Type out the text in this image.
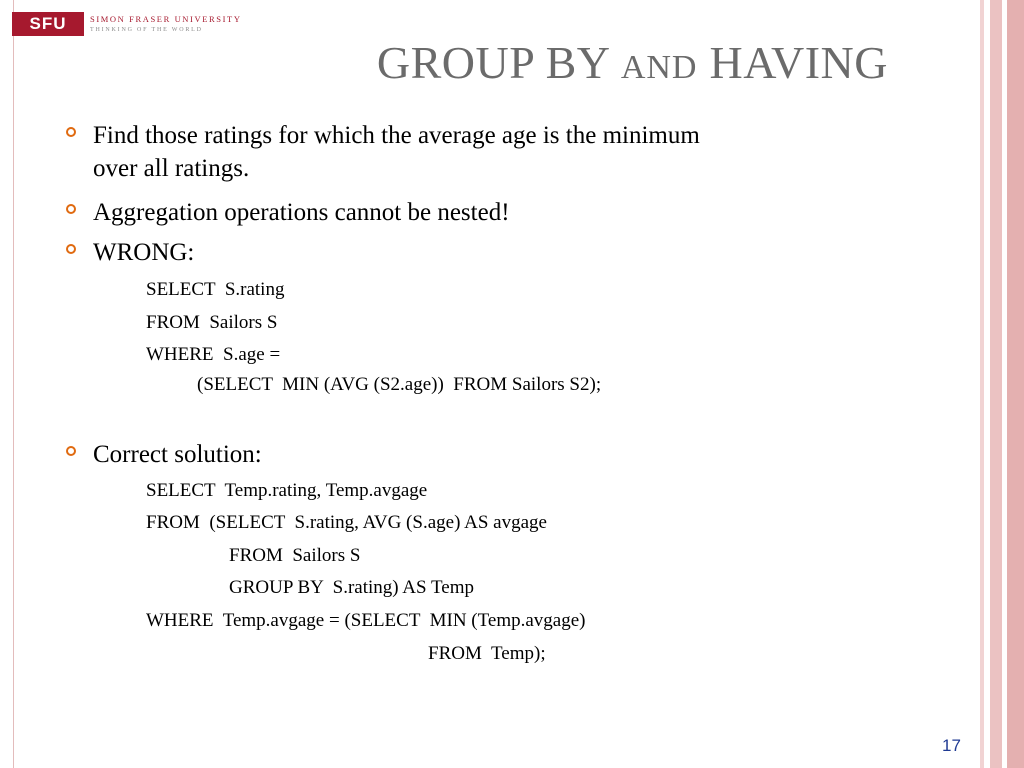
SFU	SIMON FRASER UNIVERSITY
THINKING OF THE WORLD
GROUP BY AND HAVING
Find those ratings for which the average age is the minimum
over all ratings.
Aggregation operations cannot be nested!
WRONG:
SELECT  S.rating
FROM  Sailors S
WHERE  S.age =
(SELECT  MIN (AVG (S2.age))  FROM Sailors S2);
Correct solution:
SELECT  Temp.rating, Temp.avgage
FROM  (SELECT  S.rating, AVG (S.age) AS avgage
FROM  Sailors S
GROUP BY  S.rating) AS Temp
WHERE  Temp.avgage = (SELECT  MIN (Temp.avgage)
FROM  Temp);
17
